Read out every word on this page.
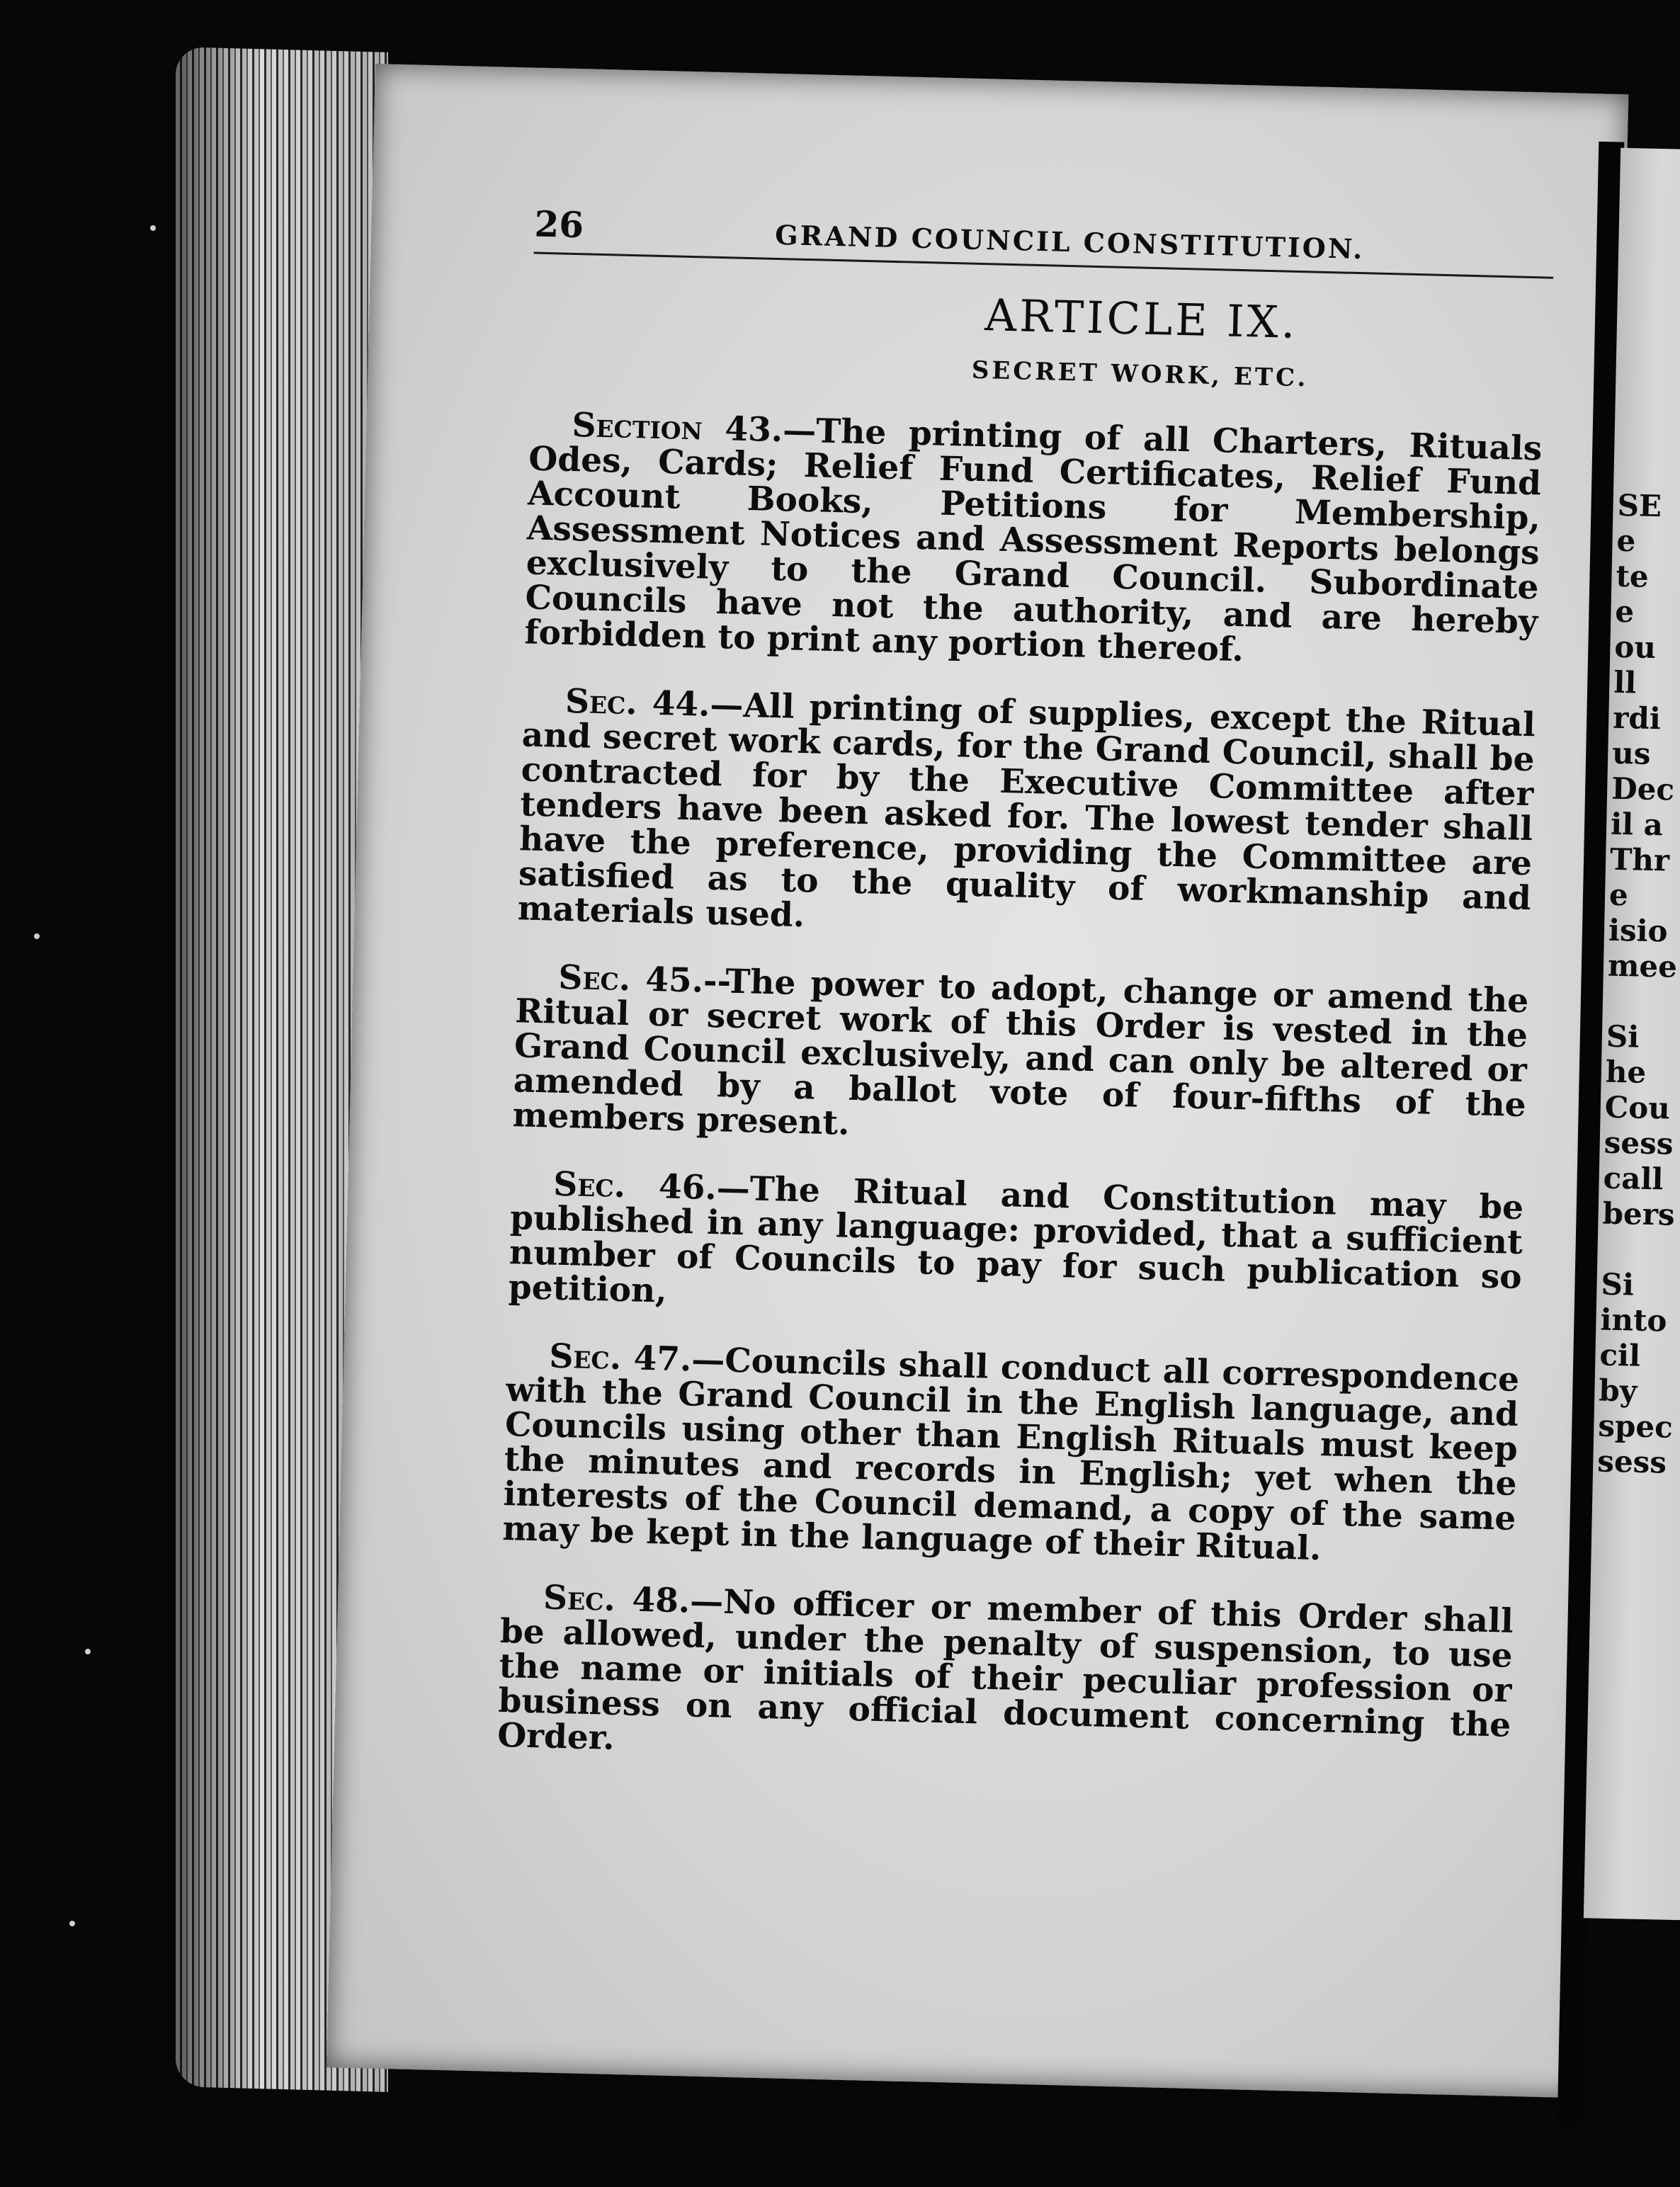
26	GRAND COUNCIL CONSTITUTION.
ARTICLE IX.
SECRET WORK, ETC.

Section 43.—The printing of all Charters, Rituals Odes, Cards; Relief Fund Certificates, Relief Fund Account Books, Petitions for Membership, Assessment Notices and Assessment Reports belongs exclusively to the Grand Council. Subordinate Councils have not the authority, and are hereby forbidden to print any portion thereof.

Sec. 44.—All printing of supplies, except the Ritual and secret work cards, for the Grand Council, shall be contracted for by the Executive Committee after tenders have been asked for. The lowest tender shall have the preference, providing the Committee are satisfied as to the quality of workmanship and materials used.

Sec. 45.--The power to adopt, change or amend the Ritual or secret work of this Order is vested in the Grand Council exclusively, and can only be altered or amended by a ballot vote of four-fifths of the members present.

Sec. 46.—The Ritual and Constitution may be published in any language: provided, that a sufficient number of Councils to pay for such publication so petition,

Sec. 47.—Councils shall conduct all correspondence with the Grand Council in the English language, and Councils using other than English Rituals must keep the minutes and records in English; yet when the interests of the Council demand, a copy of the same may be kept in the language of their Ritual.

Sec. 48.—No officer or member of this Order shall be allowed, under the penalty of suspension, to use the name or initials of their peculiar profession or business on any official document concerning the Order.

SE
e
te
e
ou
ll
rdi
us
Dec
il a
Thr
e
isio
mee

Si
he
Cou
sess
call
bers

Si
into
cil
by
spec
sess
